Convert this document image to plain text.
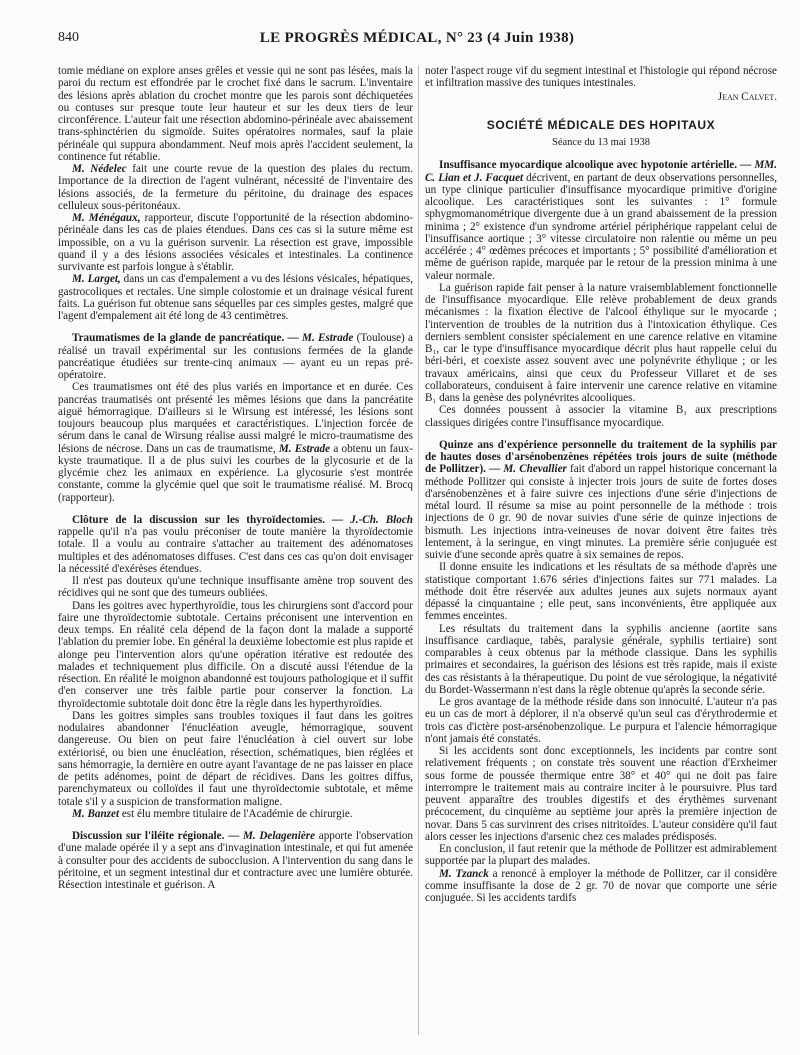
840	LE PROGRÈS MÉDICAL, N° 23 (4 Juin 1938)

tomie médiane on explore anses grêles et vessie qui ne sont pas lésées, mais la paroi du rectum est effondrée par le crochet fixé dans le sacrum. L'inventaire des lésions après ablation du crochet montre que les parois sont déchiquetées ou contuses sur presque toute leur hauteur et sur les deux tiers de leur circonférence. L'auteur fait une résection abdomino-périnéale avec abaissement trans-sphinctérien du sigmoïde. Suites opératoires normales, sauf la plaie périnéale qui suppura abondamment. Neuf mois après l'accident seulement, la continence fut rétablie.

M. Nédelec fait une courte revue de la question des plaies du rectum. Importance de la direction de l'agent vulnérant, nécessité de l'inventaire des lésions associés, de la fermeture du péritoine, du drainage des espaces celluleux sous-péritonéaux.

M. Ménégaux, rapporteur, discute l'opportunité de la résection abdomino-périnéale dans les cas de plaies étendues. Dans ces cas si la suture même est impossible, on a vu la guérison survenir. La résection est grave, impossible quand il y a des lésions associées vésicales et intestinales. La continence survivante est parfois longue à s'établir.

M. Larget, dans un cas d'empalement a vu des lésions vésicales, hépatiques, gastrocoliques et rectales. Une simple colostomie et un drainage vésical furent faits. La guérison fut obtenue sans séquelles par ces simples gestes, malgré que l'agent d'empalement ait été long de 43 centimètres.

Traumatismes de la glande de pancréatique. — M. Estrade (Toulouse) a réalisé un travail expérimental sur les contusions fermées de la glande pancréatique étudiées sur trente-cinq animaux — ayant eu un repas pré-opératoire.

Ces traumatismes ont été des plus variés en importance et en durée. Ces pancréas traumatisés ont présenté les mêmes lésions que dans la pancréatite aiguë hémorragique. D'ailleurs si le Wirsung est intéressé, les lésions sont toujours beaucoup plus marquées et caractéristiques. L'injection forcée de sérum dans le canal de Wirsung réalise aussi malgré le micro-traumatisme des lésions de nécrose. Dans un cas de traumatisme, M. Estrade a obtenu un faux-kyste traumatique. Il a de plus suivi les courbes de la glycosurie et de la glycémie chez les animaux en expérience. La glycosurie s'est montrée constante, comme la glycémie quel que soit le traumatisme réalisé. M. Brocq (rapporteur).

Clôture de la discussion sur les thyroïdectomies. — J.-Ch. Bloch rappelle qu'il n'a pas voulu préconiser de toute manière la thyroïdectomie totale. Il a voulu au contraire s'attacher au traitement des adénomatoses multiples et des adénomatoses diffuses. C'est dans ces cas qu'on doit envisager la nécessité d'exérèses étendues.

Il n'est pas douteux qu'une technique insuffisante amène trop souvent des récidives qui ne sont que des tumeurs oubliées.

Dans les goitres avec hyperthyroïdie, tous les chirurgiens sont d'accord pour faire une thyroïdectomie subtotale. Certains préconisent une intervention en deux temps. En réalité cela dépend de la façon dont la malade a supporté l'ablation du premier lobe. En général la deuxième lobectomie est plus rapide et alonge peu l'intervention alors qu'une opération itérative est redoutée des malades et techniquement plus difficile. On a discuté aussi l'étendue de la résection. En réalité le moignon abandonné est toujours pathologique et il suffit d'en conserver une très faible partie pour conserver la fonction. La thyroïdectomie subtotale doit donc être la règle dans les hyperthyroïdies.

Dans les goitres simples sans troubles toxiques il faut dans les goitres nodulaires abandonner l'énucléation aveugle, hémorragique, souvent dangereuse. Ou bien on peut faire l'énucléation à ciel ouvert sur lobe extériorisé, ou bien une énucléation, résection, schématiques, bien réglées et sans hémorragie, la dernière en outre ayant l'avantage de ne pas laisser en place de petits adénomes, point de départ de récidives. Dans les goitres diffus, parenchymateux ou colloïdes il faut une thyroïdectomie subtotale, et même totale s'il y a suspicion de transformation maligne.

M. Banzet est élu membre titulaire de l'Académie de chirurgie.

Discussion sur l'iléite régionale. — M. Delagenière apporte l'observation d'une malade opérée il y a sept ans d'invagination intestinale, et qui fut amenée à consulter pour des accidents de subocclusion. A l'intervention du sang dans le péritoine, et un segment intestinal dur et contracture avec une lumière obturée. Résection intestinale et guérison. A

noter l'aspect rouge vif du segment intestinal et l'histologie qui répond nécrose et infiltration massive des tuniques intestinales.

Jean Calvet.
SOCIÉTÉ MÉDICALE DES HOPITAUX
Séance du 13 mai 1938

Insuffisance myocardique alcoolique avec hypotonie artérielle. — MM. C. Lian et J. Facquet décrivent, en partant de deux observations personnelles, un type clinique particulier d'insuffisance myocardique primitive d'origine alcoolique. Les caractéristiques sont les suivantes : 1° formule sphygmomanométrique divergente due à un grand abaissement de la pression minima ; 2° existence d'un syndrome artériel périphérique rappelant celui de l'insuffisance aortique ; 3° vitesse circulatoire non ralentie ou même un peu accélérée ; 4° œdèmes précoces et importants ; 5° possibilité d'amélioration et même de guérison rapide, marquée par le retour de la pression minima à une valeur normale.

La guérison rapide fait penser à la nature vraisemblablement fonctionnelle de l'insuffisance myocardique. Elle relève probablement de deux grands mécanismes : la fixation élective de l'alcool éthylique sur le myocarde ; l'intervention de troubles de la nutrition dus à l'intoxication éthylique. Ces derniers semblent consister spécialement en une carence relative en vitamine B₁, car le type d'insuffisance myocardique décrit plus haut rappelle celui du béri-béri, et coexiste assez souvent avec une polynévrite éthylique ; or les travaux américains, ainsi que ceux du Professeur Villaret et de ses collaborateurs, conduisent à faire intervenir une carence relative en vitamine B₁ dans la genèse des polynévrites alcooliques.

Ces données poussent à associer la vitamine B₁ aux prescriptions classiques dirigées contre l'insuffisance myocardique.

Quinze ans d'expérience personnelle du traitement de la syphilis par de hautes doses d'arsénobenzènes répétées trois jours de suite (méthode de Pollitzer). — M. Chevallier fait d'abord un rappel historique concernant la méthode Pollitzer qui consiste à injecter trois jours de suite de fortes doses d'arsénobenzènes et à faire suivre ces injections d'une série d'injections de métal lourd. Il résume sa mise au point personnelle de la méthode : trois injections de 0 gr. 90 de novar suivies d'une série de quinze injections de bismuth. Les injections intra-veineuses de novar doivent être faites très lentement, à la seringue, en vingt minutes. La première série conjuguée est suivie d'une seconde après quatre à six semaines de repos.

Il donne ensuite les indications et les résultats de sa méthode d'après une statistique comportant 1.676 séries d'injections faites sur 771 malades. La méthode doit être réservée aux adultes jeunes aux sujets normaux ayant dépassé la cinquantaine ; elle peut, sans inconvénients, être appliquée aux femmes enceintes.

Les résultats du traitement dans la syphilis ancienne (aortite sans insuffisance cardiaque, tabès, paralysie générale, syphilis tertiaire) sont comparables à ceux obtenus par la méthode classique. Dans les syphilis primaires et secondaires, la guérison des lésions est très rapide, mais il existe des cas résistants à la thérapeutique. Du point de vue sérologique, la négativité du Bordet-Wassermann n'est dans la règle obtenue qu'après la seconde série.

Le gros avantage de la méthode réside dans son innocuité. L'auteur n'a pas eu un cas de mort à déplorer, il n'a observé qu'un seul cas d'érythrodermie et trois cas d'ictère post-arsénobenzolique. Le purpura et l'alencie hémorragique n'ont jamais été constatés.

Si les accidents sont donc exceptionnels, les incidents par contre sont relativement fréquents ; on constate très souvent une réaction d'Erxheimer sous forme de poussée thermique entre 38° et 40° qui ne doit pas faire interrompre le traitement mais au contraire inciter à le poursuivre. Plus tard peuvent apparaître des troubles digestifs et des érythèmes survenant précocement, du cinquième au septième jour après la première injection de novar. Dans 5 cas survinrent des crises nitritoïdes. L'auteur considère qu'il faut alors cesser les injections d'arsenic chez ces malades prédisposés.

En conclusion, il faut retenir que la méthode de Pollitzer est admirablement supportée par la plupart des malades.

M. Tzanck a renoncé à employer la méthode de Pollitzer, car il considère comme insuffisante la dose de 2 gr. 70 de novar que comporte une série conjuguée. Si les accidents tardifs
